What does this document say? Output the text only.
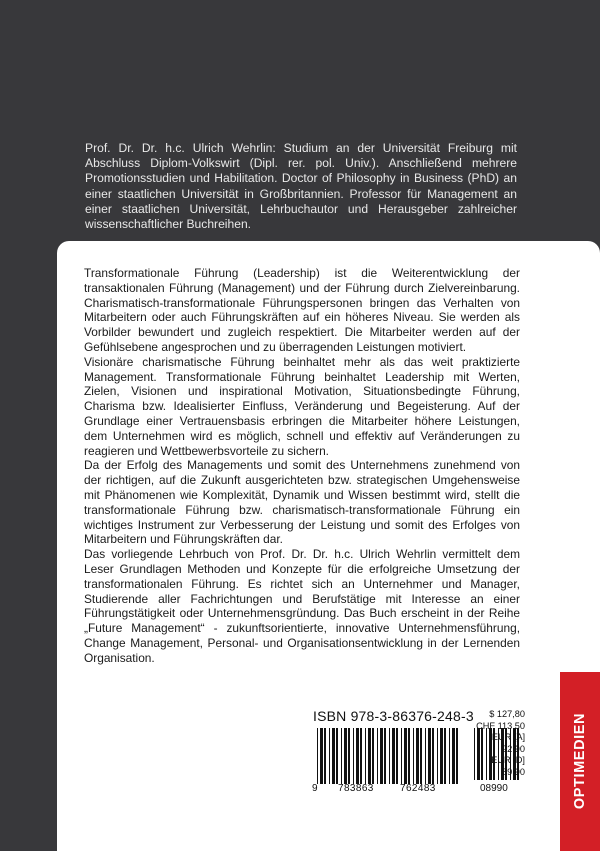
Prof. Dr. Dr. h.c. Ulrich Wehrlin: Studium an der Universität Freiburg mit Abschluss Diplom-Volkswirt (Dipl. rer. pol. Univ.). Anschließend mehrere Promotionsstudien und Habilitation. Doctor of Philosophy in Business (PhD) an einer staatlichen Universität in Großbritannien. Professor für Management an einer staatlichen Universität, Lehrbuchautor und Herausgeber zahlreicher wissenschaftlicher Buchreihen.

Transformationale Führung (Leadership) ist die Weiterentwicklung der transaktionalen Führung (Management) und der Führung durch Zielvereinbarung. Charismatisch-transformationale Führungspersonen bringen das Verhalten von Mitarbeitern oder auch Führungskräften auf ein höheres Niveau. Sie werden als Vorbilder bewundert und zugleich respektiert. Die Mitarbeiter werden auf der Gefühlsebene angesprochen und zu überragenden Leistungen motiviert.

Visionäre charismatische Führung beinhaltet mehr als das weit praktizierte Management. Transformationale Führung beinhaltet Leadership mit Werten, Zielen, Visionen und inspirational Motivation, Situationsbedingte Führung, Charisma bzw. Idealisierter Einfluss, Veränderung und Begeisterung. Auf der Grundlage einer Vertrauensbasis erbringen die Mitarbeiter höhere Leistungen, dem Unternehmen wird es möglich, schnell und effektiv auf Veränderungen zu reagieren und Wettbewerbsvorteile zu sichern.

Da der Erfolg des Managements und somit des Unternehmens zunehmend von der richtigen, auf die Zukunft ausgerichteten bzw. strategischen Umgehensweise mit Phänomenen wie Komplexität, Dynamik und Wissen bestimmt wird, stellt die transformationale Führung bzw. charismatisch-transformationale Führung ein wichtiges Instrument zur Verbesserung der Leistung und somit des Erfolges von Mitarbeitern und Führungskräften dar.

Das vorliegende Lehrbuch von Prof. Dr. Dr. h.c. Ulrich Wehrlin vermittelt dem Leser Grundlagen Methoden und Konzepte für die erfolgreiche Umsetzung der transformationalen Führung. Es richtet sich an Unternehmer und Manager, Studierende aller Fachrichtungen und Berufstätige mit Interesse an einer Führungstätigkeit oder Unternehmensgründung. Das Buch erscheint in der Reihe „Future Management“ - zukunftsorientierte, innovative Unternehmensführung, Change Management, Personal- und Organisationsentwicklung in der Lernenden Organisation.

ISBN 978-3-86376-248-3
9 783863	762483	08990
$ 127,80
CHF 113,50
EUR [A] 92,90
EUR [D] 89,90	OPTIMEDIEN
